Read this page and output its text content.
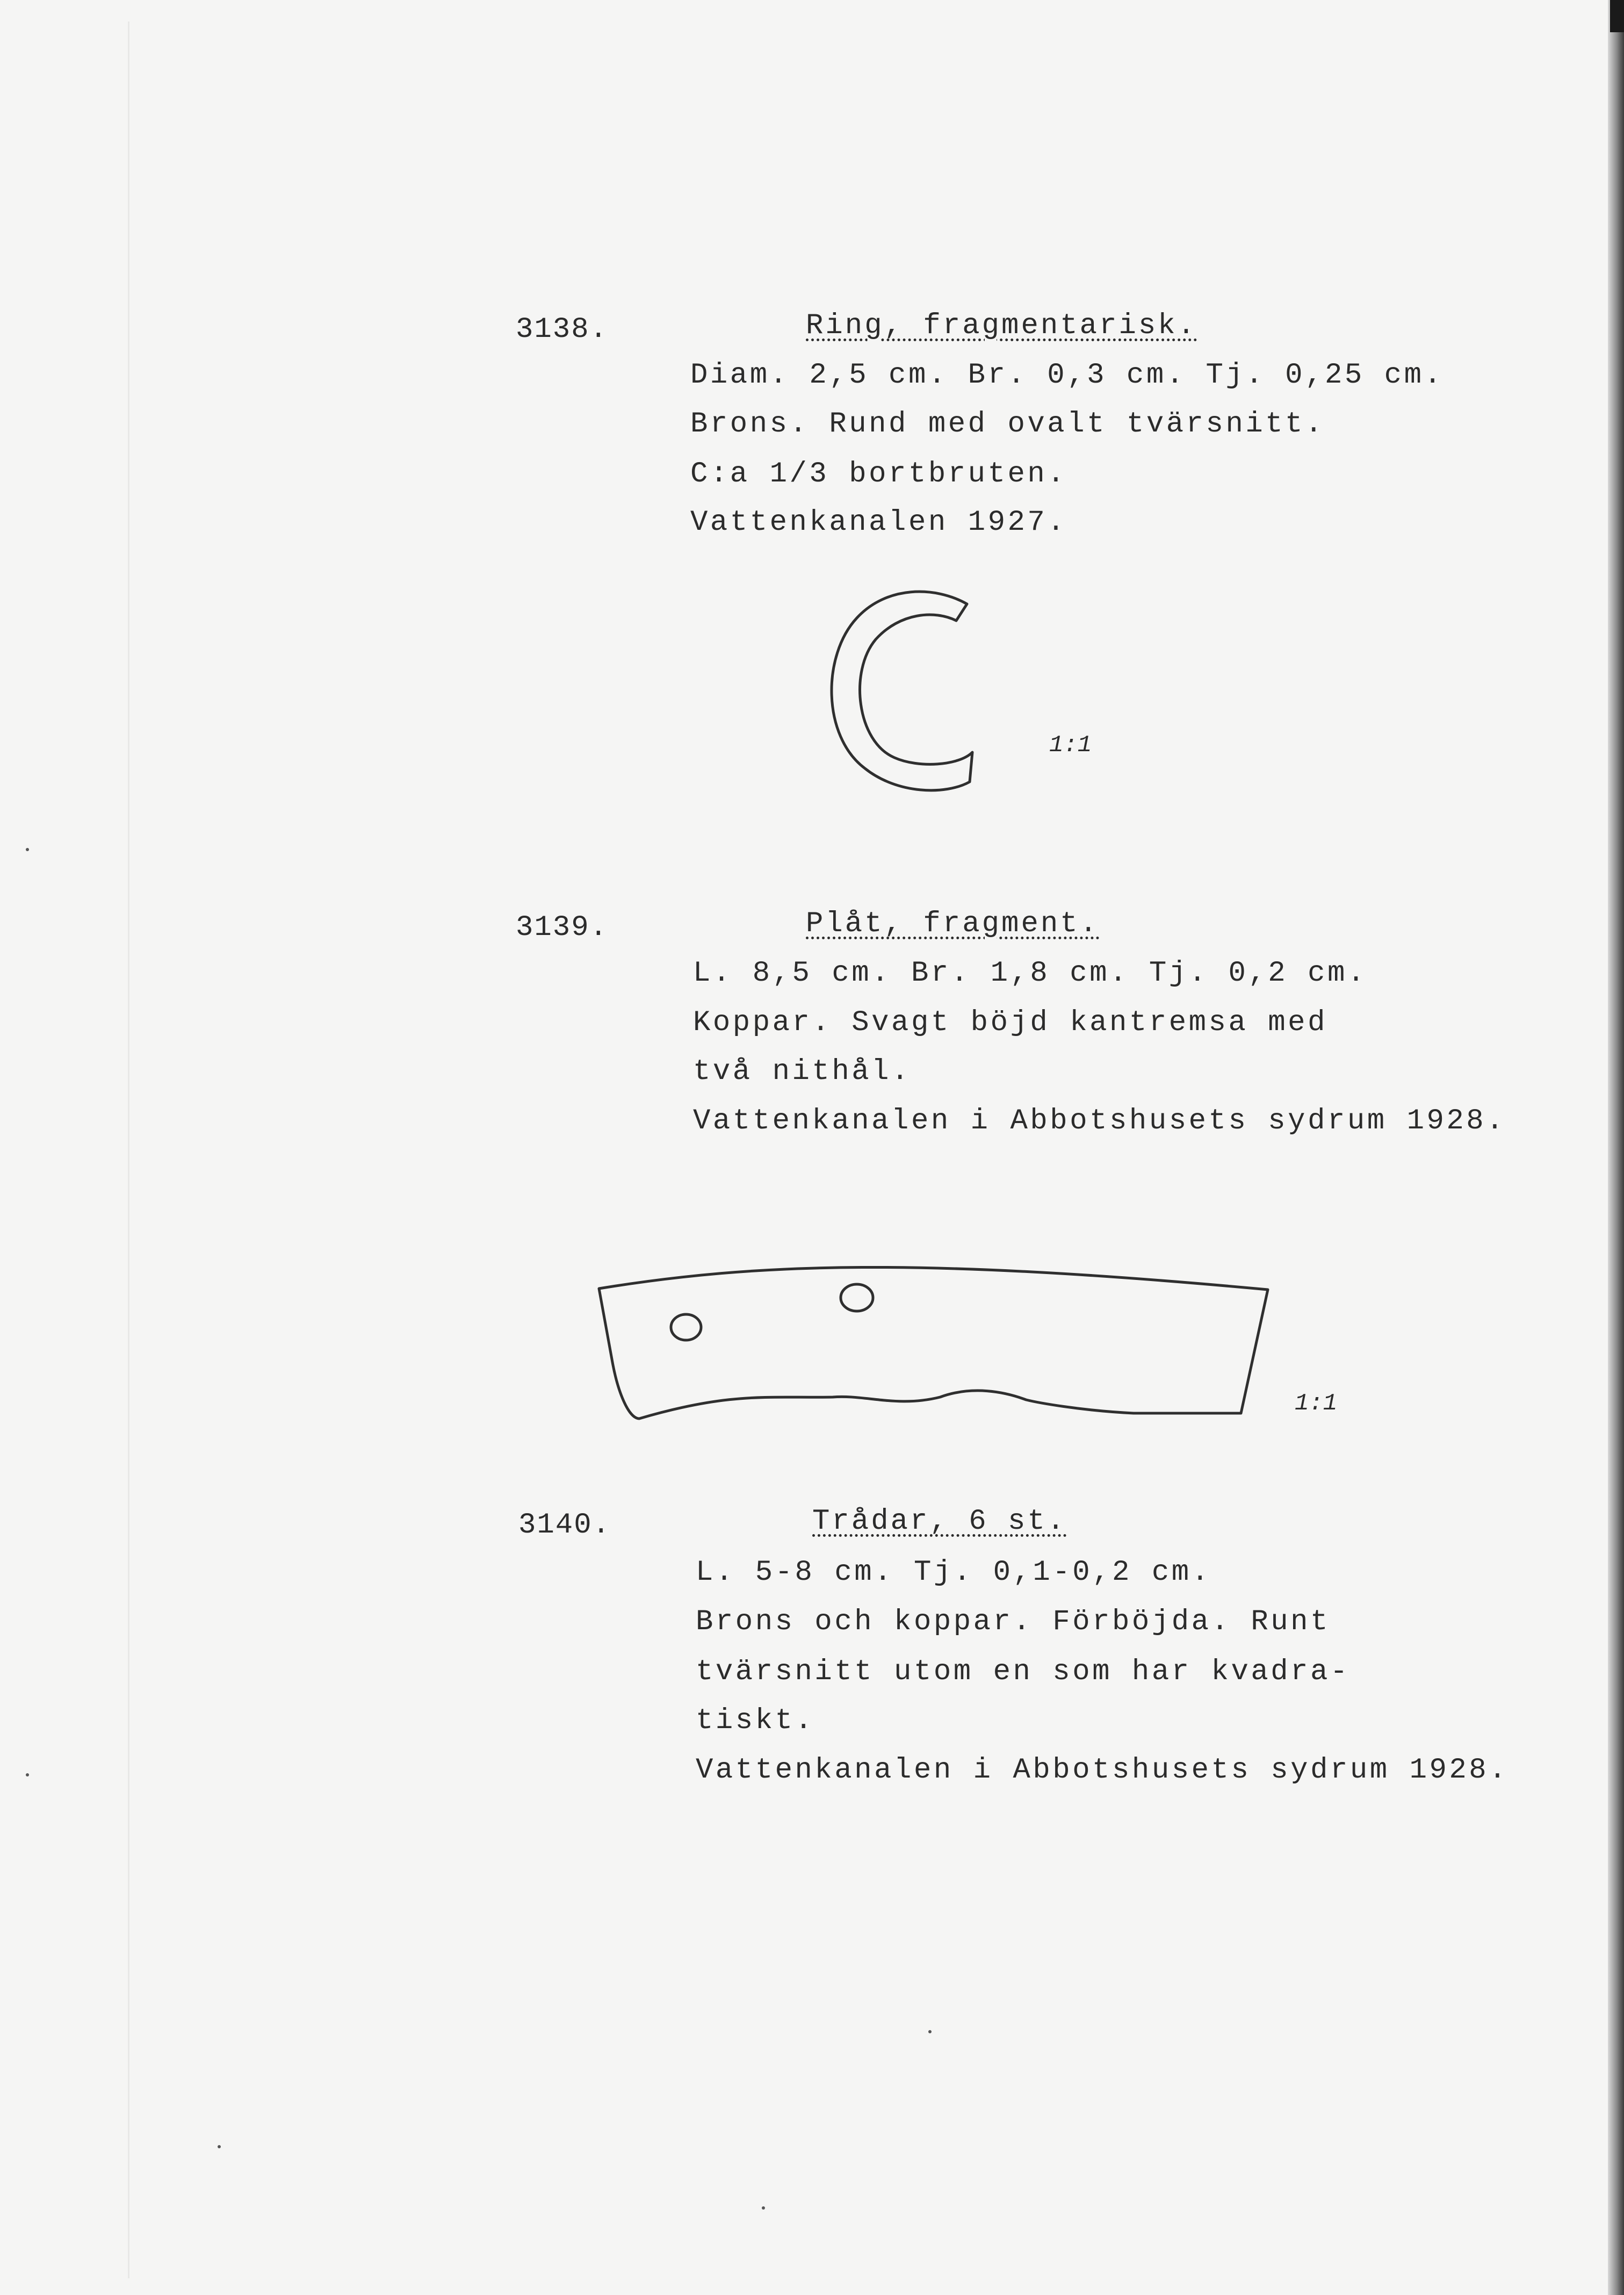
3138.	Ring, fragmentarisk.
Diam. 2,5 cm. Br. 0,3 cm. Tj. 0,25 cm.
Brons. Rund med ovalt tvärsnitt.
C:a 1/3 bortbruten.
Vattenkanalen 1927.
1:1
3139.	Plåt, fragment.
L. 8,5 cm. Br. 1,8 cm. Tj. 0,2 cm.
Koppar. Svagt böjd kantremsa med
två nithål.
Vattenkanalen i Abbotshusets sydrum 1928.
1:1
3140.	Trådar, 6 st.
L. 5-8 cm. Tj. 0,1-0,2 cm.
Brons och koppar. Förböjda. Runt
tvärsnitt utom en som har kvadra-
tiskt.
Vattenkanalen i Abbotshusets sydrum 1928.
